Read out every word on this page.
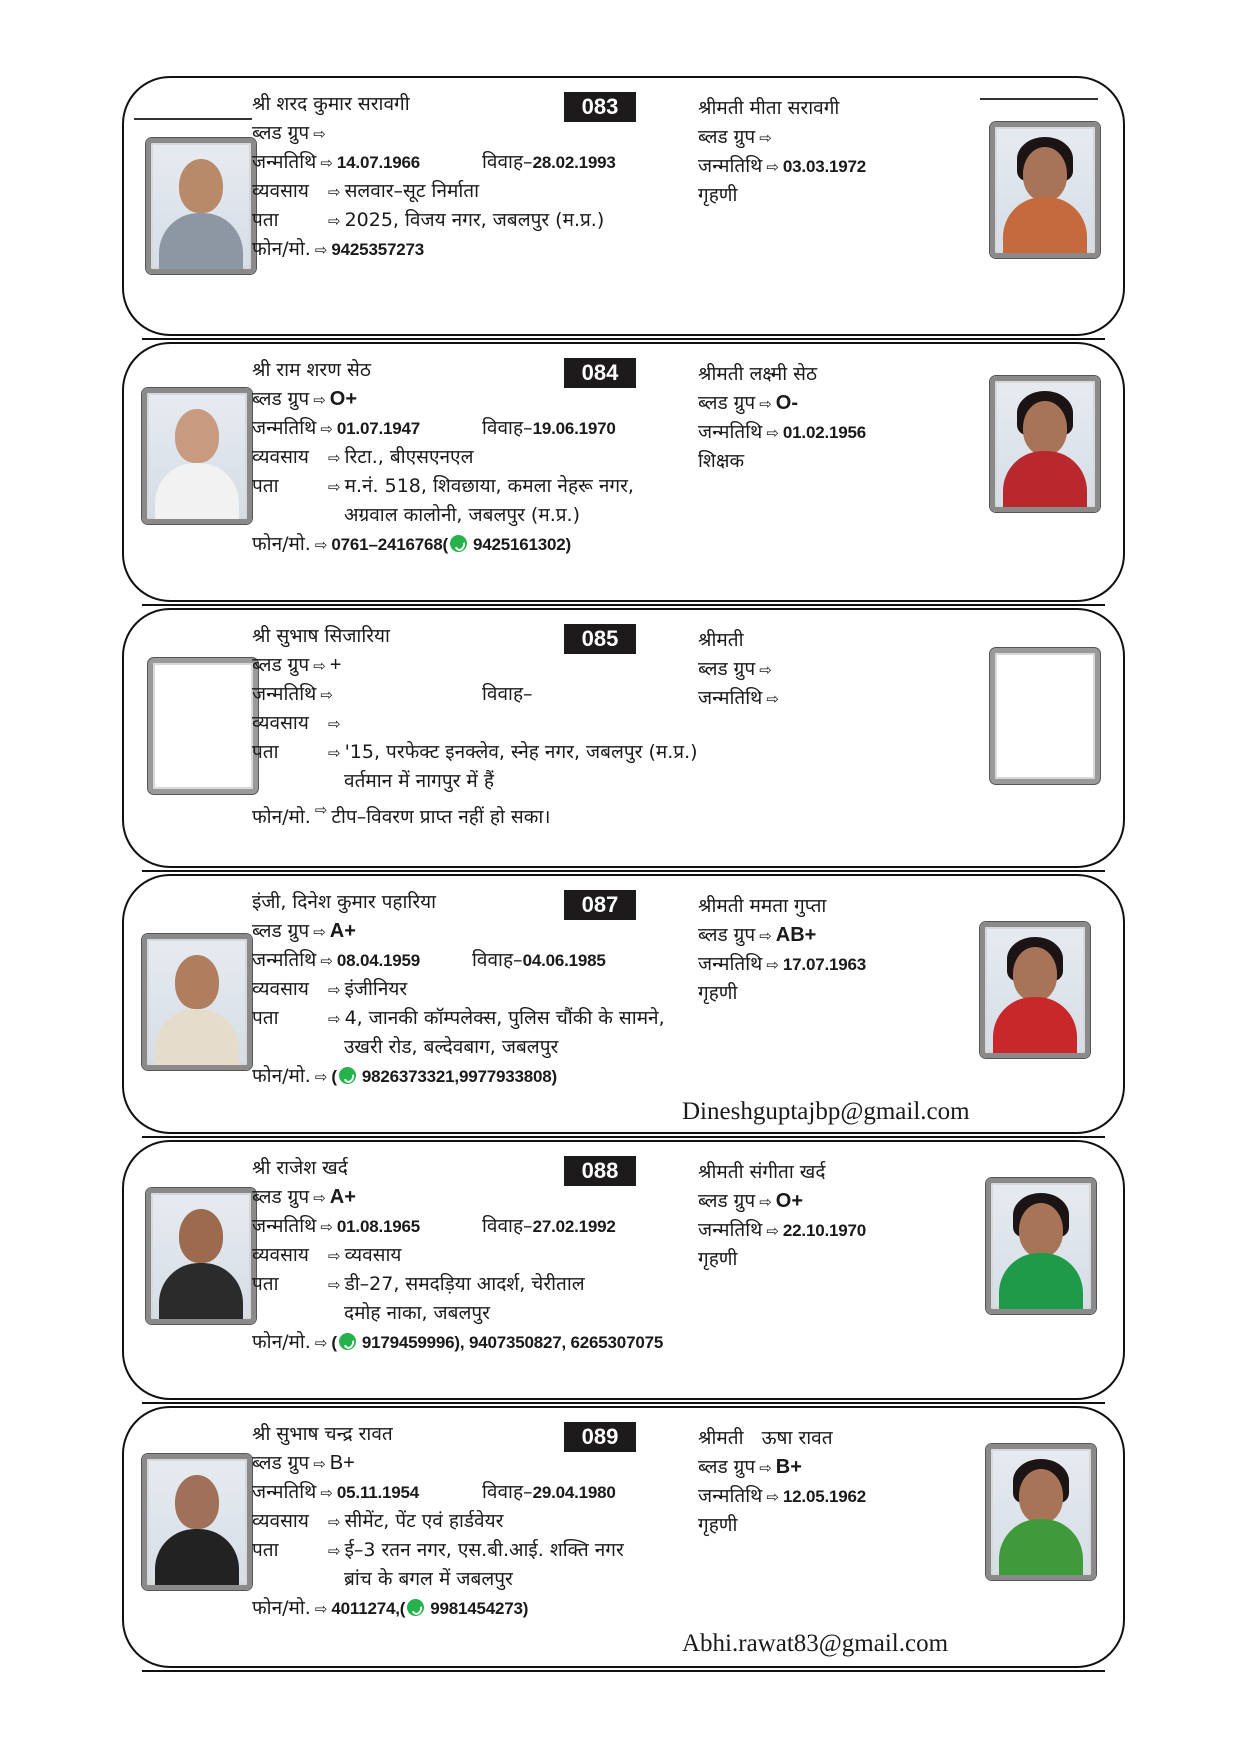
083
श्री शरद कुमार सरावगी
ब्लड ग्रुप ⇨
जन्मतिथि ⇨ 14.07.1966	विवाह–28.02.1993
व्यवसाय ⇨ सलवार–सूट निर्माता
पता	⇨ 2025, विजय नगर, जबलपुर (म.प्र.)
फोन/मो. ⇨ 9425357273
श्रीमती मीता सरावगी
ब्लड ग्रुप ⇨
जन्मतिथि ⇨ 03.03.1972
गृहणी
084
श्री राम शरण सेठ
ब्लड ग्रुप ⇨ O+
जन्मतिथि ⇨ 01.07.1947	विवाह–19.06.1970
व्यवसाय ⇨ रिटा., बीएसएनएल
पता	⇨ म.नं. 518, शिवछाया, कमला नेहरू नगर,
अग्रवाल कालोनी, जबलपुर (म.प्र.)
फोन/मो. ⇨ 0761–2416768( 9425161302)
श्रीमती लक्ष्मी सेठ
ब्लड ग्रुप ⇨ O-
जन्मतिथि ⇨ 01.02.1956
शिक्षक
085
श्री सुभाष सिजारिया
ब्लड ग्रुप ⇨ +
जन्मतिथि ⇨	विवाह–
व्यवसाय ⇨
पता	⇨ '15, परफेक्ट इनक्लेव, स्नेह नगर, जबलपुर (म.प्र.)
वर्तमान में नागपुर में हैं
फोन/मो. ⇨ टीप–विवरण प्राप्त नहीं हो सका।
श्रीमती
ब्लड ग्रुप ⇨
जन्मतिथि ⇨
087
इंजी, दिनेश कुमार पहारिया
ब्लड ग्रुप ⇨ A+
जन्मतिथि ⇨ 08.04.1959	विवाह–04.06.1985
व्यवसाय ⇨ इंजीनियर
पता	⇨ 4, जानकी कॉम्पलेक्स, पुलिस चौंकी के सामने,
उखरी रोड, बल्देवबाग, जबलपुर
फोन/मो. ⇨ ( 9826373321,9977933808)
श्रीमती ममता गुप्ता
ब्लड ग्रुप ⇨ AB+
जन्मतिथि ⇨ 17.07.1963
गृहणी
Dineshguptajbp@gmail.com
088
श्री राजेश खर्द
ब्लड ग्रुप ⇨ A+
जन्मतिथि ⇨ 01.08.1965	विवाह–27.02.1992
व्यवसाय ⇨ व्यवसाय
पता	⇨ डी–27, समदड़िया आदर्श, चेरीताल
दमोह नाका, जबलपुर
फोन/मो. ⇨ ( 9179459996), 9407350827, 6265307075
श्रीमती संगीता खर्द
ब्लड ग्रुप ⇨ O+
जन्मतिथि ⇨ 22.10.1970
गृहणी
089
श्री सुभाष चन्द्र रावत
ब्लड ग्रुप ⇨ B+
जन्मतिथि ⇨ 05.11.1954	विवाह–29.04.1980
व्यवसाय ⇨ सीमेंट, पेंट एवं हार्डवेयर
पता	⇨ ई–3 रतन नगर, एस.बी.आई. शक्ति नगर
ब्रांच के बगल में जबलपुर
फोन/मो. ⇨ 4011274,( 9981454273)
श्रीमती   ऊषा रावत
ब्लड ग्रुप ⇨ B+
जन्मतिथि ⇨ 12.05.1962
गृहणी
Abhi.rawat83@gmail.com
